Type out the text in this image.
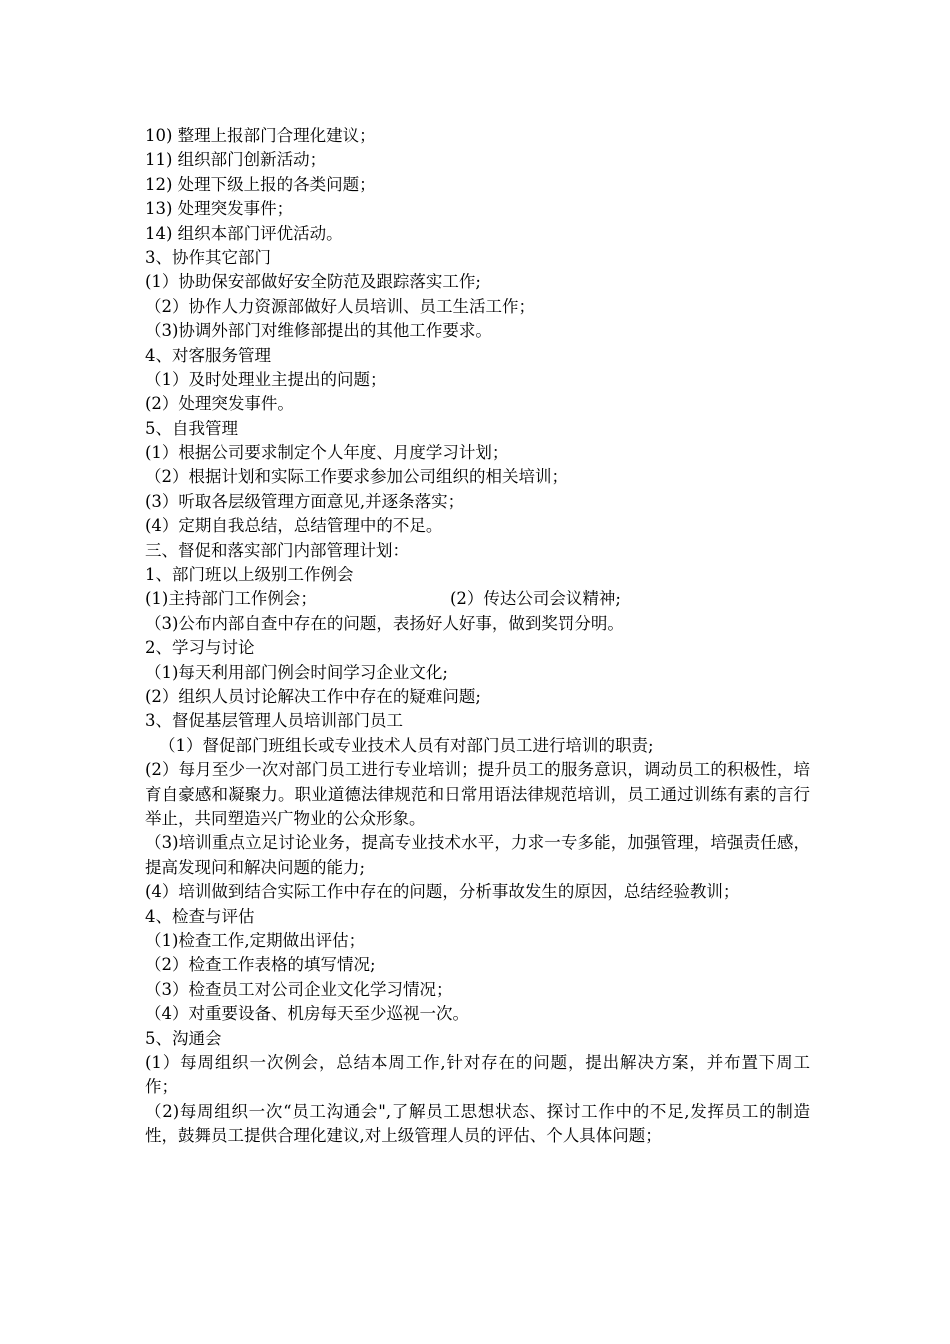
10) 整理上报部门合理化建议；
11) 组织部门创新活动；
12) 处理下级上报的各类问题；
13) 处理突发事件；
14) 组织本部门评优活动。
3、协作其它部门
(1）协助保安部做好安全防范及跟踪落实工作;
（2）协作人力资源部做好人员培训、员工生活工作；
（3)协调外部门对维修部提出的其他工作要求。
4、对客服务管理
（1）及时处理业主提出的问题；
(2）处理突发事件。
5、自我管理
(1）根据公司要求制定个人年度、月度学习计划；
（2）根据计划和实际工作要求参加公司组织的相关培训；
(3）听取各层级管理方面意见,并逐条落实；
(4）定期自我总结，总结管理中的不足。
三、督促和落实部门内部管理计划：
1、部门班以上级别工作例会
(1)主持部门工作例会；	(2）传达公司会议精神;
（3)公布内部自查中存在的问题，表扬好人好事，做到奖罚分明。
2、学习与讨论
（1)每天利用部门例会时间学习企业文化;
(2）组织人员讨论解决工作中存在的疑难问题;
3、督促基层管理人员培训部门员工
（1）督促部门班组长或专业技术人员有对部门员工进行培训的职责;
(2）每月至少一次对部门员工进行专业培训；提升员工的服务意识，调动员工的积极性，培育自豪感和凝聚力。职业道德法律规范和日常用语法律规范培训，员工通过训练有素的言行举止，共同塑造兴广物业的公众形象。
（3)培训重点立足讨论业务，提高专业技术水平，力求一专多能，加强管理，培强责任感，提高发现问和解决问题的能力;
(4）培训做到结合实际工作中存在的问题，分析事故发生的原因，总结经验教训；
4、检查与评估
（1)检查工作,定期做出评估；
（2）检查工作表格的填写情况;
（3）检查员工对公司企业文化学习情况；
（4）对重要设备、机房每天至少巡视一次。
5、沟通会
(1）每周组织一次例会，总结本周工作,针对存在的问题，提出解决方案，并布置下周工作；
（2)每周组织一次“员工沟通会",了解员工思想状态、探讨工作中的不足,发挥员工的制造性，鼓舞员工提供合理化建议,对上级管理人员的评估、个人具体问题；
